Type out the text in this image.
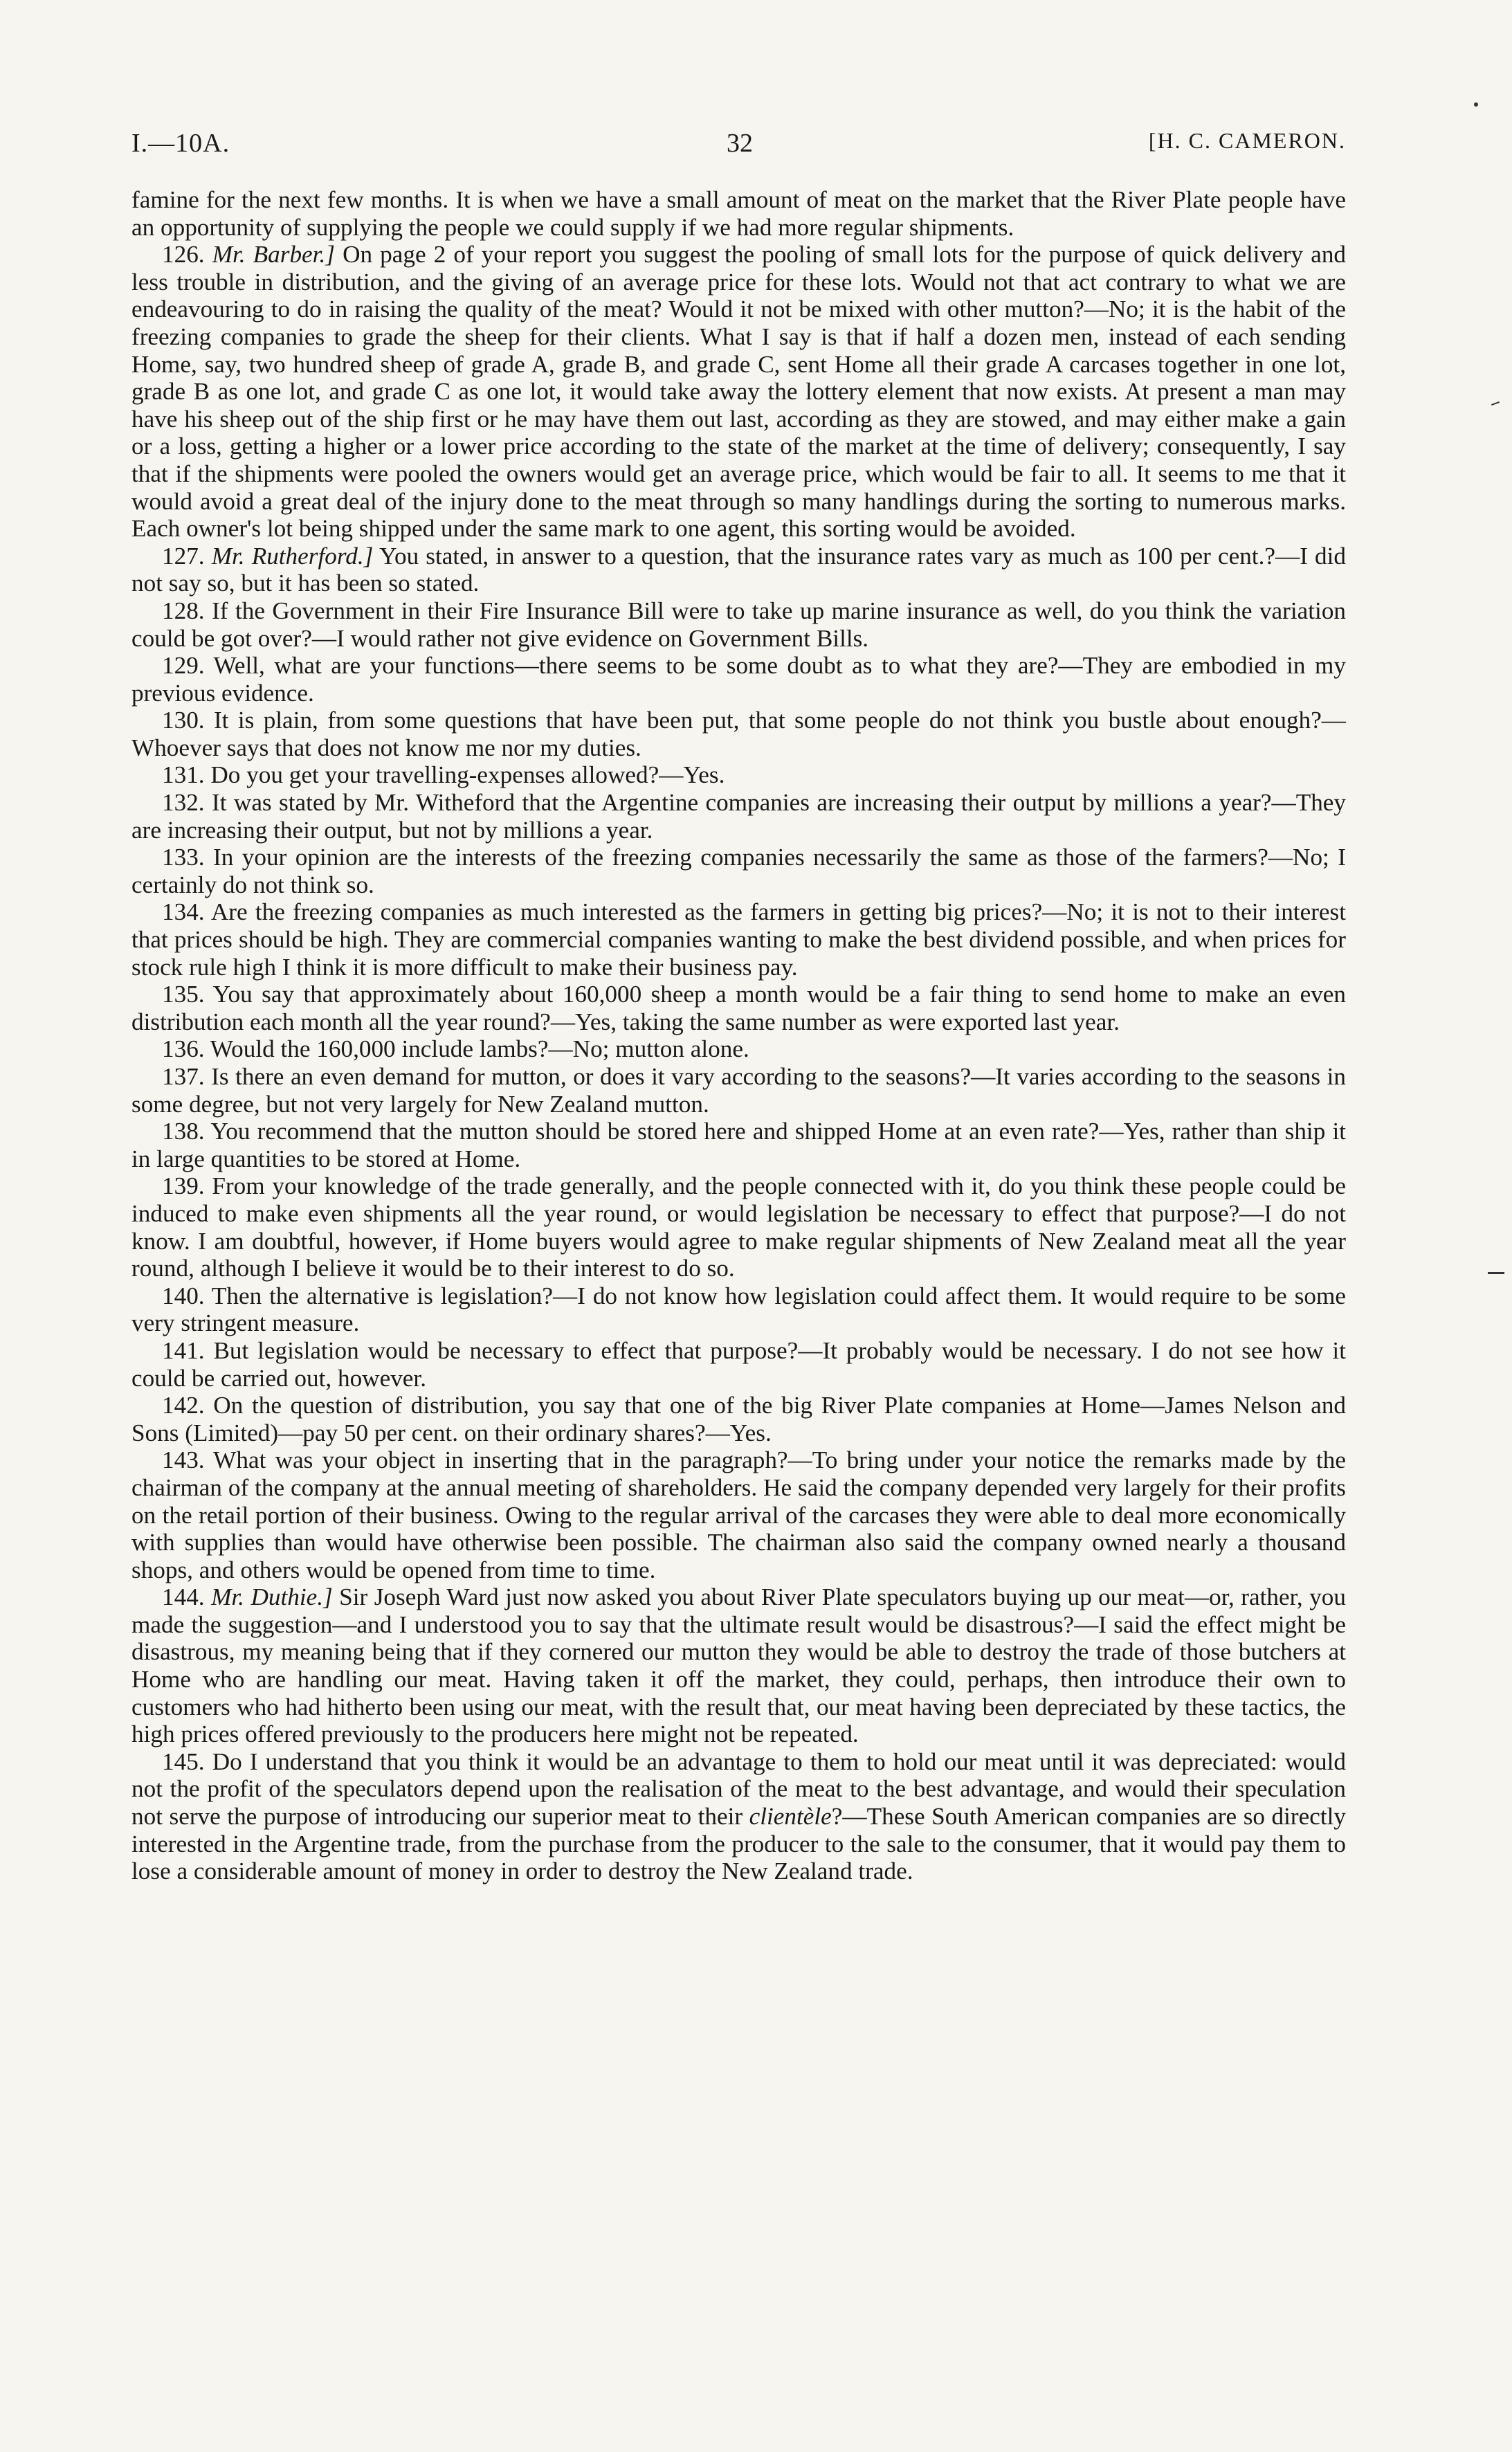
I.—10A.	32	[H. C. CAMERON.

famine for the next few months. It is when we have a small amount of meat on the market that the River Plate people have an opportunity of supplying the people we could supply if we had more regular shipments.

126. Mr. Barber.] On page 2 of your report you suggest the pooling of small lots for the purpose of quick delivery and less trouble in distribution, and the giving of an average price for these lots. Would not that act contrary to what we are endeavouring to do in raising the quality of the meat? Would it not be mixed with other mutton?—No; it is the habit of the freezing companies to grade the sheep for their clients. What I say is that if half a dozen men, instead of each sending Home, say, two hundred sheep of grade A, grade B, and grade C, sent Home all their grade A carcases together in one lot, grade B as one lot, and grade C as one lot, it would take away the lottery element that now exists. At present a man may have his sheep out of the ship first or he may have them out last, according as they are stowed, and may either make a gain or a loss, getting a higher or a lower price according to the state of the market at the time of delivery; consequently, I say that if the shipments were pooled the owners would get an average price, which would be fair to all. It seems to me that it would avoid a great deal of the injury done to the meat through so many handlings during the sorting to numerous marks. Each owner's lot being shipped under the same mark to one agent, this sorting would be avoided.

127. Mr. Rutherford.] You stated, in answer to a question, that the insurance rates vary as much as 100 per cent.?—I did not say so, but it has been so stated.

128. If the Government in their Fire Insurance Bill were to take up marine insurance as well, do you think the variation could be got over?—I would rather not give evidence on Government Bills.

129. Well, what are your functions—there seems to be some doubt as to what they are?—They are embodied in my previous evidence.

130. It is plain, from some questions that have been put, that some people do not think you bustle about enough?—Whoever says that does not know me nor my duties.

131. Do you get your travelling-expenses allowed?—Yes.

132. It was stated by Mr. Witheford that the Argentine companies are increasing their output by millions a year?—They are increasing their output, but not by millions a year.

133. In your opinion are the interests of the freezing companies necessarily the same as those of the farmers?—No; I certainly do not think so.

134. Are the freezing companies as much interested as the farmers in getting big prices?—No; it is not to their interest that prices should be high. They are commercial companies wanting to make the best dividend possible, and when prices for stock rule high I think it is more difficult to make their business pay.

135. You say that approximately about 160,000 sheep a month would be a fair thing to send home to make an even distribution each month all the year round?—Yes, taking the same number as were exported last year.

136. Would the 160,000 include lambs?—No; mutton alone.

137. Is there an even demand for mutton, or does it vary according to the seasons?—It varies according to the seasons in some degree, but not very largely for New Zealand mutton.

138. You recommend that the mutton should be stored here and shipped Home at an even rate?—Yes, rather than ship it in large quantities to be stored at Home.

139. From your knowledge of the trade generally, and the people connected with it, do you think these people could be induced to make even shipments all the year round, or would legislation be necessary to effect that purpose?—I do not know. I am doubtful, however, if Home buyers would agree to make regular shipments of New Zealand meat all the year round, although I believe it would be to their interest to do so.

140. Then the alternative is legislation?—I do not know how legislation could affect them. It would require to be some very stringent measure.

141. But legislation would be necessary to effect that purpose?—It probably would be necessary. I do not see how it could be carried out, however.

142. On the question of distribution, you say that one of the big River Plate companies at Home—James Nelson and Sons (Limited)—pay 50 per cent. on their ordinary shares?—Yes.

143. What was your object in inserting that in the paragraph?—To bring under your notice the remarks made by the chairman of the company at the annual meeting of shareholders. He said the company depended very largely for their profits on the retail portion of their business. Owing to the regular arrival of the carcases they were able to deal more economically with supplies than would have otherwise been possible. The chairman also said the company owned nearly a thousand shops, and others would be opened from time to time.

144. Mr. Duthie.] Sir Joseph Ward just now asked you about River Plate speculators buying up our meat—or, rather, you made the suggestion—and I understood you to say that the ultimate result would be disastrous?—I said the effect might be disastrous, my meaning being that if they cornered our mutton they would be able to destroy the trade of those butchers at Home who are handling our meat. Having taken it off the market, they could, perhaps, then introduce their own to customers who had hitherto been using our meat, with the result that, our meat having been depreciated by these tactics, the high prices offered previously to the producers here might not be repeated.

145. Do I understand that you think it would be an advantage to them to hold our meat until it was depreciated: would not the profit of the speculators depend upon the realisation of the meat to the best advantage, and would their speculation not serve the purpose of introducing our superior meat to their clientèle?—These South American companies are so directly interested in the Argentine trade, from the purchase from the producer to the sale to the consumer, that it would pay them to lose a considerable amount of money in order to destroy the New Zealand trade.
